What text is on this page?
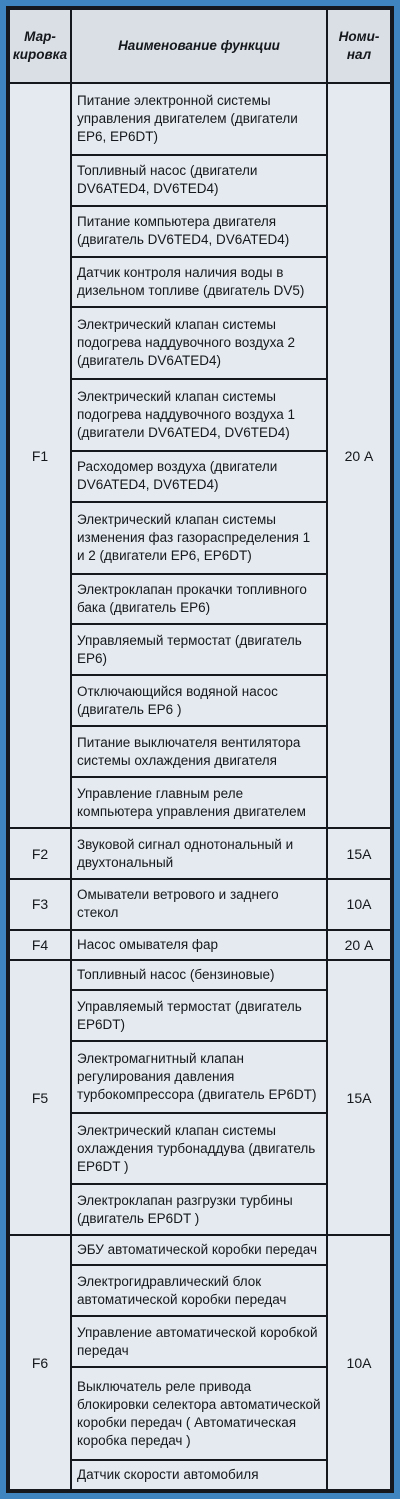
Мар-кировка	Наименование функции	Номи-нал
F1	Питание электронной системы управления двигателем (двигатели EP6, EP6DT)	20 А
	Топливный насос (двигатели DV6ATED4, DV6TED4)	
	Питание компьютера двигателя (двигатель DV6TED4, DV6ATED4)	
	Датчик контроля наличия воды в дизельном топливе (двигатель DV5)	
	Электрический клапан системы подогрева наддувочного воздуха 2 (двигатель DV6ATED4)	
	Электрический клапан системы подогрева наддувочного воздуха 1 (двигатели DV6ATED4, DV6TED4)	
	Расходомер воздуха (двигатели DV6ATED4, DV6TED4)	
	Электрический клапан системы изменения фаз газораспределения 1 и 2 (двигатели EP6, EP6DT)	
	Электроклапан прокачки топливного бака (двигатель EP6)	
	Управляемый термостат (двигатель EP6)	
	Отключающийся водяной насос (двигатель EP6 )	
	Питание выключателя вентилятора системы охлаждения двигателя	
	Управление главным реле компьютера управления двигателем	
F2	Звуковой сигнал однотональный и двухтональный	15А
F3	Омыватели ветрового и заднего стекол	10А
F4	Насос омывателя фар	20 А
F5	Топливный насос (бензиновые)	15А
	Управляемый термостат (двигатель EP6DT)	
	Электромагнитный клапан регулирования давления турбокомпрессора (двигатель EP6DT)	
	Электрический клапан системы охлаждения турбонаддува (двигатель EP6DT )	
	Электроклапан разгрузки турбины (двигатель EP6DT )	
F6	ЭБУ автоматической коробки передач	10А
	Электрогидравлический блок автоматической коробки передач	
	Управление автоматической коробкой передач	
	Выключатель реле привода блокировки селектора автоматической коробки передач ( Автоматическая коробка передач )	
	Датчик скорости автомобиля	
